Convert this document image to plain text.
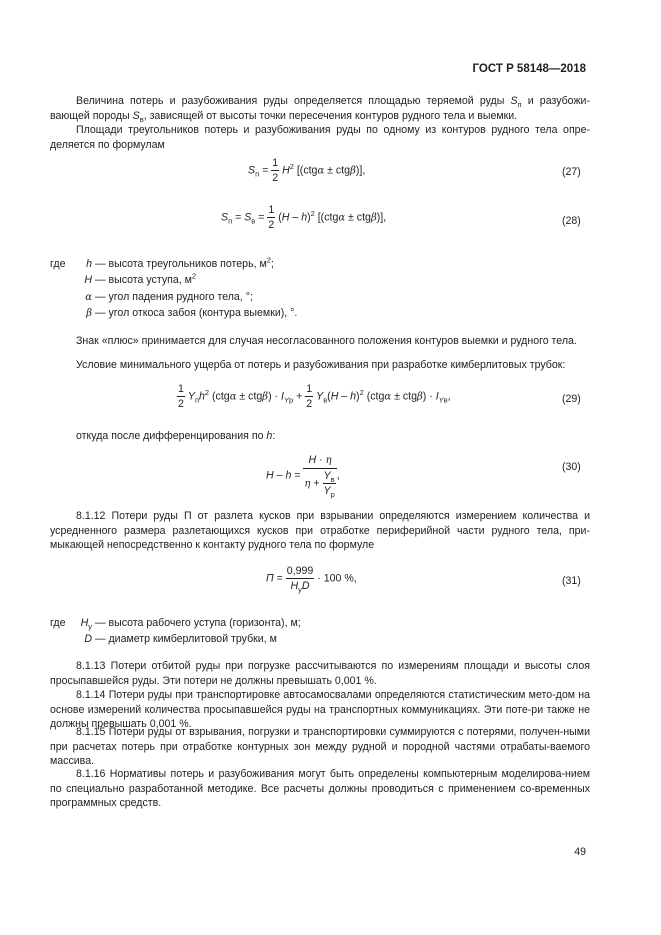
ГОСТ Р 58148—2018
Величина потерь и разубоживания руды определяется площадью теряемой руды $S_п$ и разубожи-вающей породы $S_в$, зависящей от высоты точки пересечения контуров рудного тела и выемки.
Площади треугольников потерь и разубоживания руды по одному из контуров рудного тела опре-деляется по формулам
$S_п = \frac{1}{2} H^2$ [(ctgα ± ctgβ)],	(27)
$S_п = S_в = \frac{1}{2} (H - h)^2$ [(ctgα ± ctgβ)],	(28)
где	h — высота треугольников потерь, $м^2$;
H — высота уступа, $м^2$
α — угол падения рудного тела, °;
β — угол откоса забоя (контура выемки), °.
Знак «плюс» принимается для случая несогласованного положения контуров выемки и рудного тела.
Условие минимального ущерба от потерь и разубоживания при разработке кимберлитовых трубок:
$\frac{1}{2} Y_пh^2$ $(ctg\alpha \pm ctg\beta) \cdot I_{Yр} + \frac{1}{2} Y_в(H - h)^2$ $(ctg\alpha \pm ctg\beta) \cdot I_{Yв}$,	(29)
откуда после дифференцирования по h:
$H - h = \frac{H \cdot \eta}{\eta + \frac{Y_в}{Y_р}}$ ,
(30)
8.1.12 Потери руды П от разлета кусков при взрывании определяются измерением количества и усредненного размера разлетающихся кусков при отработке периферийной части рудного тела, при-мыкающей непосредственно к контакту рудного тела по формуле
$П = \frac{0,999}{H_уD} \cdot 100$ %,	(31)
где	$H_у$ — высота рабочего уступа (горизонта), м;
D — диаметр кимберлитовой трубки, м
8.1.13 Потери отбитой руды при погрузке рассчитываются по измерениям площади и высоты слоя просыпавшейся руды. Эти потери не должны превышать 0,001 %.
8.1.14 Потери руды при транспортировке автосамосвалами определяются статистическим мето-дом на основе измерений количества просыпавшейся руды на транспортных коммуникациях. Эти поте-ри также не должны превышать 0,001 %.
8.1.15 Потери руды от взрывания, погрузки и транспортировки суммируются с потерями, получен-ными при расчетах потерь при отработке контурных зон между рудной и породной частями отрабаты-ваемого массива.
8.1.16 Нормативы потерь и разубоживания могут быть определены компьютерным моделирова-нием по специально разработанной методике. Все расчеты должны проводиться с применением со-временных программных средств.
49
